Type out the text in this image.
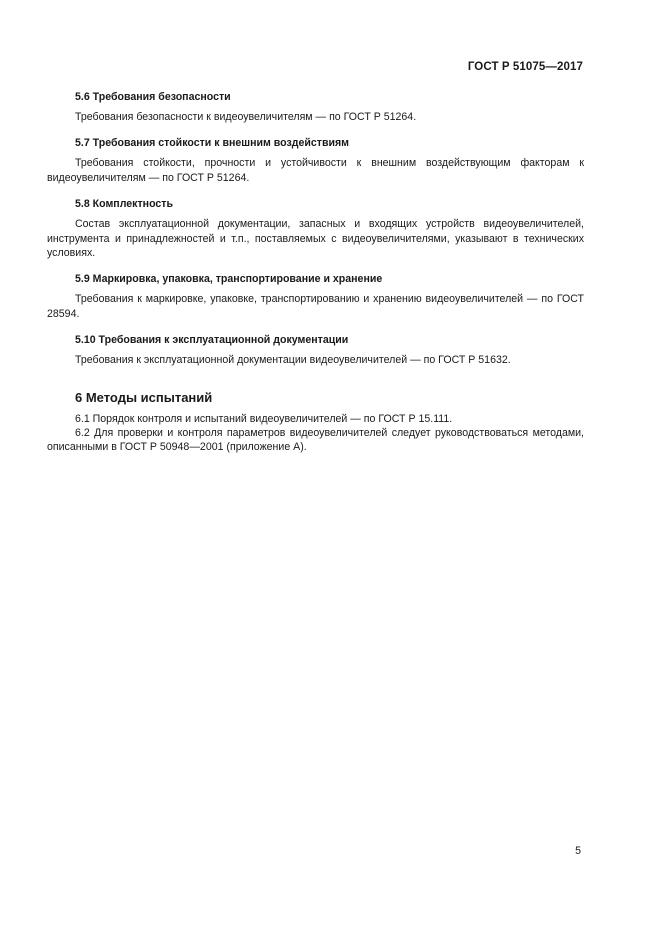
ГОСТ Р 51075—2017
5.6 Требования безопасности

Требования безопасности к видеоувеличителям — по ГОСТ Р 51264.

5.7 Требования стойкости к внешним воздействиям

Требования стойкости, прочности и устойчивости к внешним воздействующим факторам к видеоувеличителям — по ГОСТ Р 51264.

5.8 Комплектность

Состав эксплуатационной документации, запасных и входящих устройств видеоувеличителей, инструмента и принадлежностей и т.п., поставляемых с видеоувеличителями, указывают в технических условиях.

5.9 Маркировка, упаковка, транспортирование и хранение

Требования к маркировке, упаковке, транспортированию и хранению видеоувеличителей — по ГОСТ 28594.

5.10 Требования к эксплуатационной документации

Требования к эксплуатационной документации видеоувеличителей — по ГОСТ Р 51632.

6 Методы испытаний

6.1 Порядок контроля и испытаний видеоувеличителей — по ГОСТ Р 15.111.

6.2 Для проверки и контроля параметров видеоувеличителей следует руководствоваться методами, описанными в ГОСТ Р 50948—2001 (приложение А).

5
